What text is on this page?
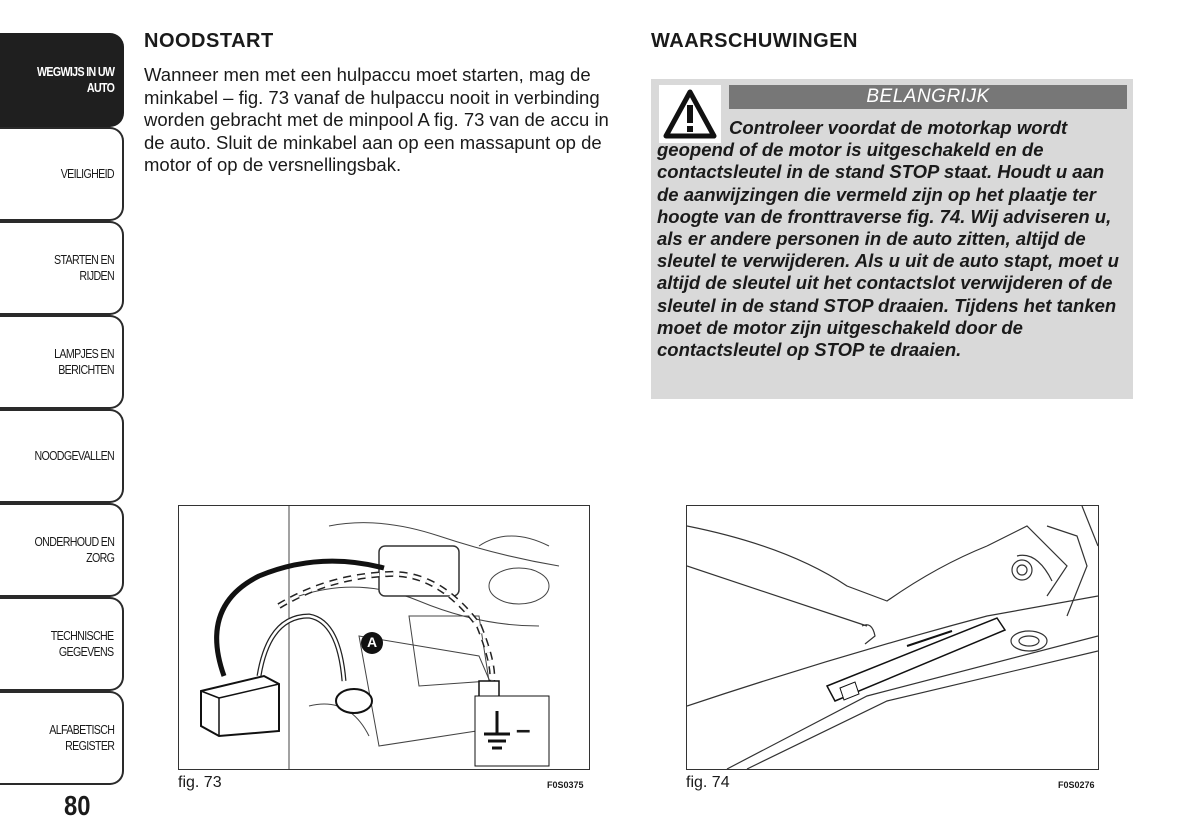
WEGWIJS IN UW
AUTO
VEILIGHEID
STARTEN EN RIJDEN
LAMPJES EN
BERICHTEN
NOODGEVALLEN
ONDERHOUD EN
ZORG
TECHNISCHE
GEGEVENS
ALFABETISCH
REGISTER
80
NOODSTART
Wanneer men met een hulpaccu moet starten, mag de minkabel – fig. 73 vanaf de hulpaccu nooit in verbinding worden gebracht met de minpool A fig. 73 van de accu in de auto. Sluit de minkabel aan op een massapunt op de motor of op de versnellingsbak.
WAARSCHUWINGEN
BELANGRIJK
Controleer voordat de motorkap wordt geopend of de motor is uitgeschakeld en de contactsleutel in de stand STOP staat. Houdt u aan de aanwijzingen die vermeld zijn op het plaatje ter hoogte van de fronttraverse fig. 74. Wij adviseren u, als er andere personen in de auto zitten, altijd de sleutel te verwijderen. Als u uit de auto stapt, moet u altijd de sleutel uit het contactslot verwijderen of de sleutel in de stand STOP draaien. Tijdens het tanken moet de motor zijn uitgeschakeld door de contactsleutel op STOP te draaien.
A
–
fig. 73	F0S0375	fig. 74	F0S0276
